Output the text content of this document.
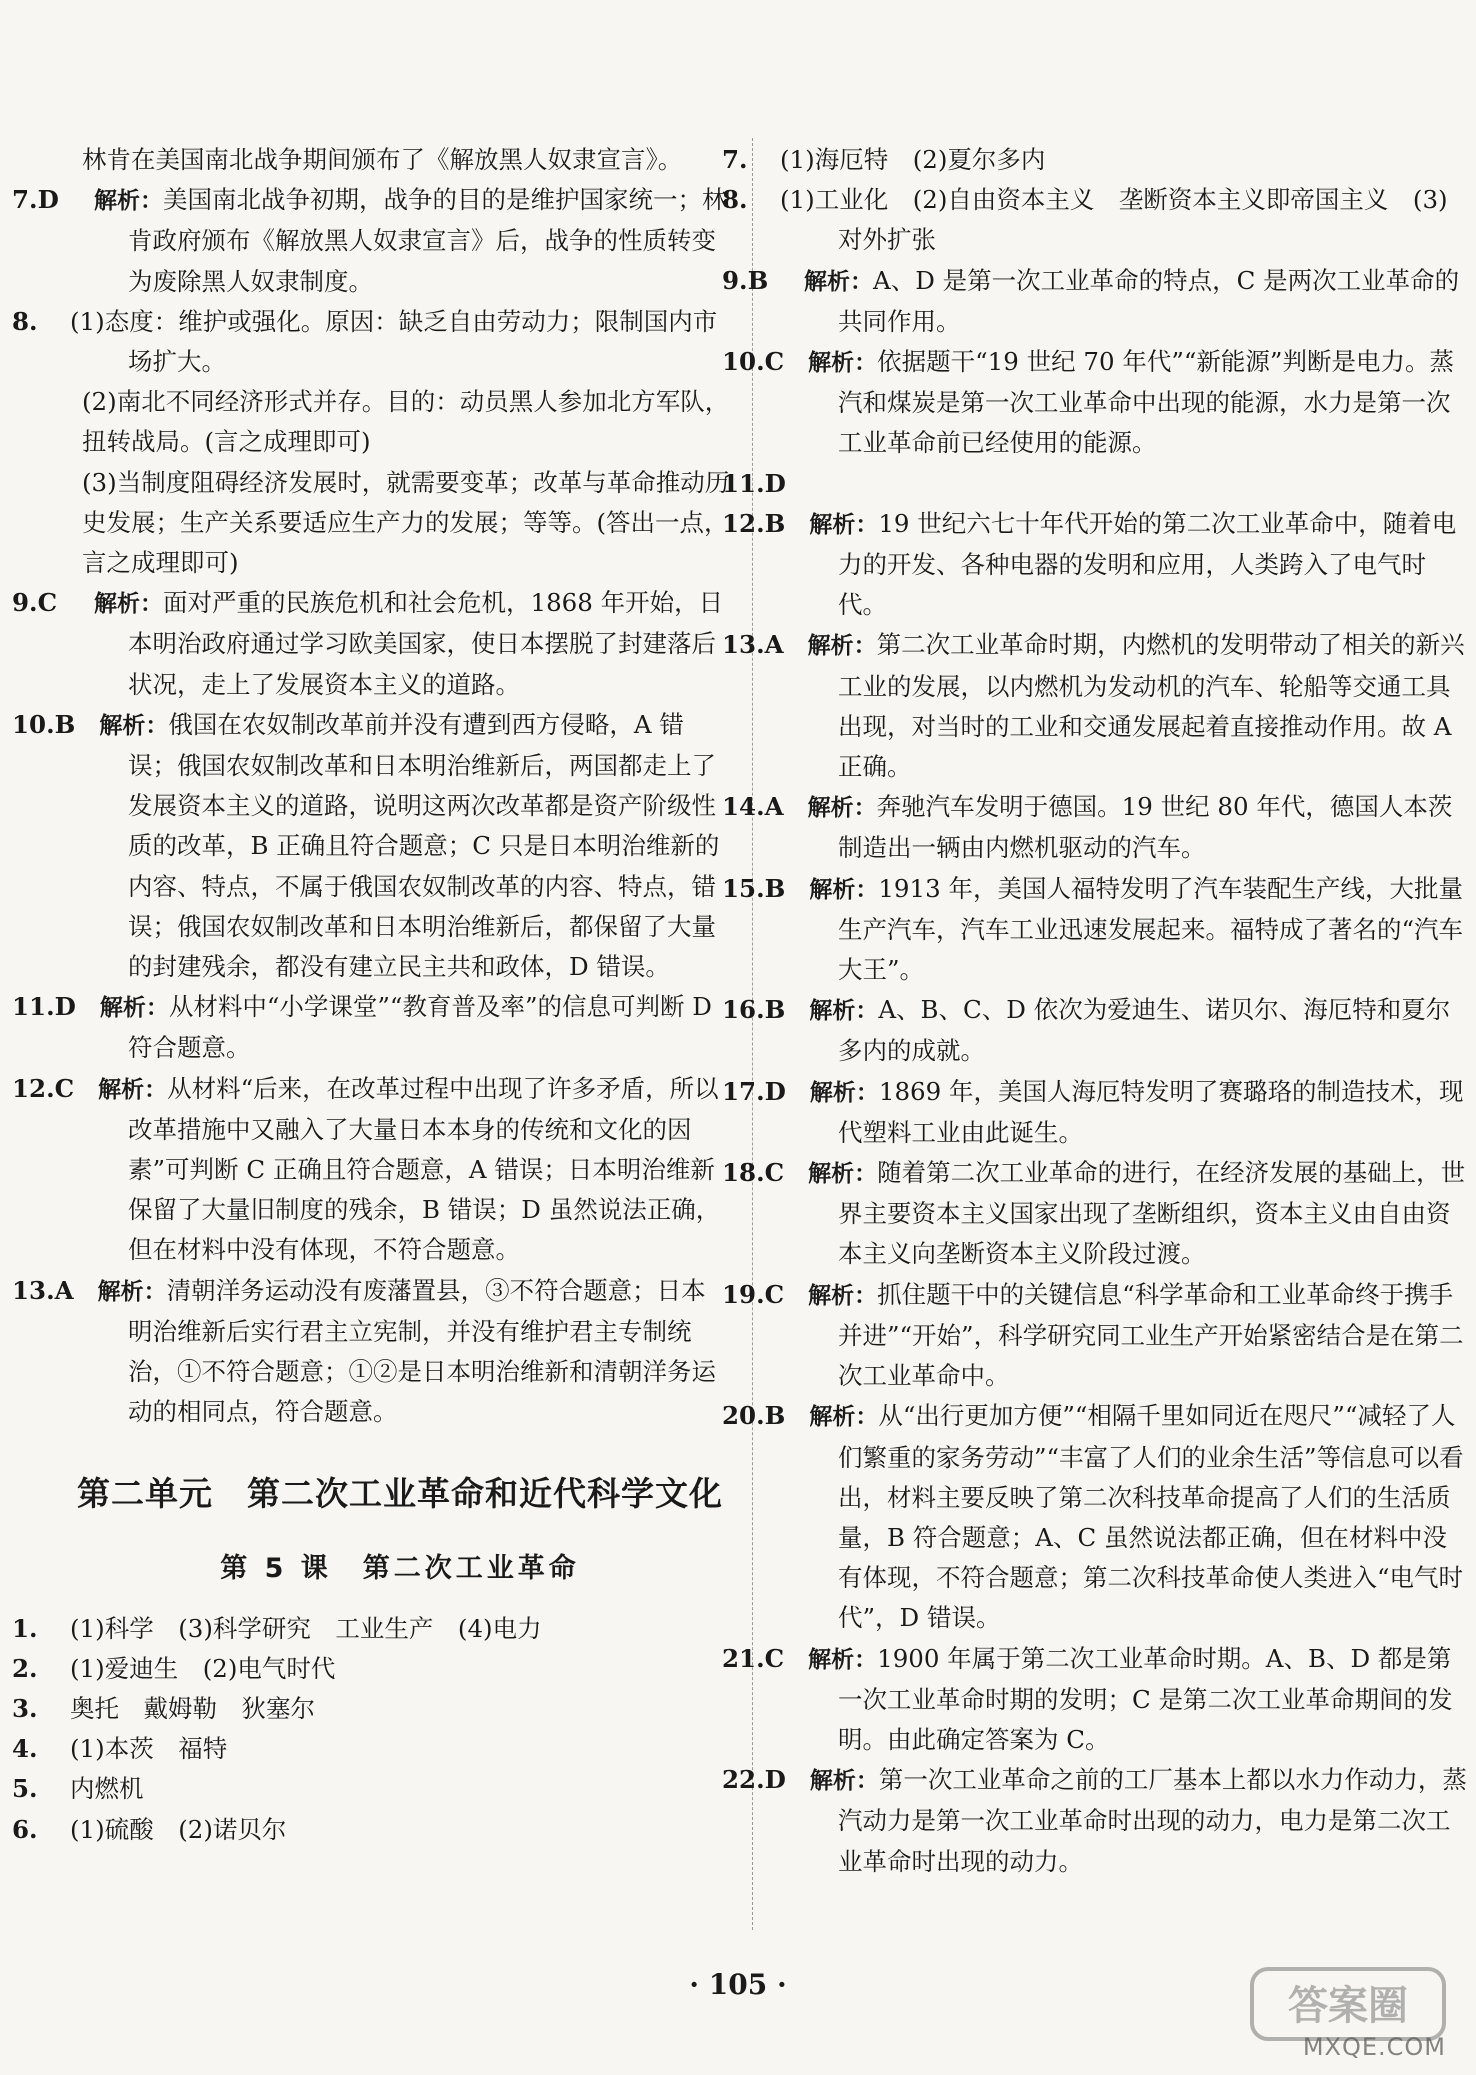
林肯在美国南北战争期间颁布了《解放黑人奴隶宣言》。

7.D 解析：美国南北战争初期，战争的目的是维护国家统一；林肯政府颁布《解放黑人奴隶宣言》后，战争的性质转变为废除黑人奴隶制度。

8. (1)态度：维护或强化。原因：缺乏自由劳动力；限制国内市场扩大。

(2)南北不同经济形式并存。目的：动员黑人参加北方军队，扭转战局。(言之成理即可)

(3)当制度阻碍经济发展时，就需要变革；改革与革命推动历史发展；生产关系要适应生产力的发展；等等。(答出一点，言之成理即可)

9.C 解析：面对严重的民族危机和社会危机，1868 年开始，日本明治政府通过学习欧美国家，使日本摆脱了封建落后状况，走上了发展资本主义的道路。

10.B 解析：俄国在农奴制改革前并没有遭到西方侵略，A 错误；俄国农奴制改革和日本明治维新后，两国都走上了发展资本主义的道路，说明这两次改革都是资产阶级性质的改革，B 正确且符合题意；C 只是日本明治维新的内容、特点，不属于俄国农奴制改革的内容、特点，错误；俄国农奴制改革和日本明治维新后，都保留了大量的封建残余，都没有建立民主共和政体，D 错误。

11.D 解析：从材料中“小学课堂”“教育普及率”的信息可判断 D 符合题意。

12.C 解析：从材料“后来，在改革过程中出现了许多矛盾，所以改革措施中又融入了大量日本本身的传统和文化的因素”可判断 C 正确且符合题意，A 错误；日本明治维新保留了大量旧制度的残余，B 错误；D 虽然说法正确，但在材料中没有体现，不符合题意。

13.A 解析：清朝洋务运动没有废藩置县，③不符合题意；日本明治维新后实行君主立宪制，并没有维护君主专制统治，①不符合题意；①②是日本明治维新和清朝洋务运动的相同点，符合题意。

第二单元　第二次工业革命和近代科学文化
第 5 课　第二次工业革命

1. (1)科学　(3)科学研究　工业生产　(4)电力

2. (1)爱迪生　(2)电气时代

3. 奥托　戴姆勒　狄塞尔

4. (1)本茨　福特

5. 内燃机

6. (1)硫酸　(2)诺贝尔

7. (1)海厄特　(2)夏尔多内

8. (1)工业化　(2)自由资本主义　垄断资本主义即帝国主义　(3)对外扩张

9.B 解析：A、D 是第一次工业革命的特点，C 是两次工业革命的共同作用。

10.C 解析：依据题干“19 世纪 70 年代”“新能源”判断是电力。蒸汽和煤炭是第一次工业革命中出现的能源，水力是第一次工业革命前已经使用的能源。

11.D

12.B 解析：19 世纪六七十年代开始的第二次工业革命中，随着电力的开发、各种电器的发明和应用，人类跨入了电气时代。

13.A 解析：第二次工业革命时期，内燃机的发明带动了相关的新兴工业的发展，以内燃机为发动机的汽车、轮船等交通工具出现，对当时的工业和交通发展起着直接推动作用。故 A 正确。

14.A 解析：奔驰汽车发明于德国。19 世纪 80 年代，德国人本茨制造出一辆由内燃机驱动的汽车。

15.B 解析：1913 年，美国人福特发明了汽车装配生产线，大批量生产汽车，汽车工业迅速发展起来。福特成了著名的“汽车大王”。

16.B 解析：A、B、C、D 依次为爱迪生、诺贝尔、海厄特和夏尔多内的成就。

17.D 解析：1869 年，美国人海厄特发明了赛璐珞的制造技术，现代塑料工业由此诞生。

18.C 解析：随着第二次工业革命的进行，在经济发展的基础上，世界主要资本主义国家出现了垄断组织，资本主义由自由资本主义向垄断资本主义阶段过渡。

19.C 解析：抓住题干中的关键信息“科学革命和工业革命终于携手并进”“开始”，科学研究同工业生产开始紧密结合是在第二次工业革命中。

20.B 解析：从“出行更加方便”“相隔千里如同近在咫尺”“减轻了人们繁重的家务劳动”“丰富了人们的业余生活”等信息可以看出，材料主要反映了第二次科技革命提高了人们的生活质量，B 符合题意；A、C 虽然说法都正确，但在材料中没有体现，不符合题意；第二次科技革命使人类进入“电气时代”，D 错误。

21.C 解析：1900 年属于第二次工业革命时期。A、B、D 都是第一次工业革命时期的发明；C 是第二次工业革命期间的发明。由此确定答案为 C。

22.D 解析：第一次工业革命之前的工厂基本上都以水力作动力，蒸汽动力是第一次工业革命时出现的动力，电力是第二次工业革命时出现的动力。

· 105 ·	答案圈
MXQE.COM
